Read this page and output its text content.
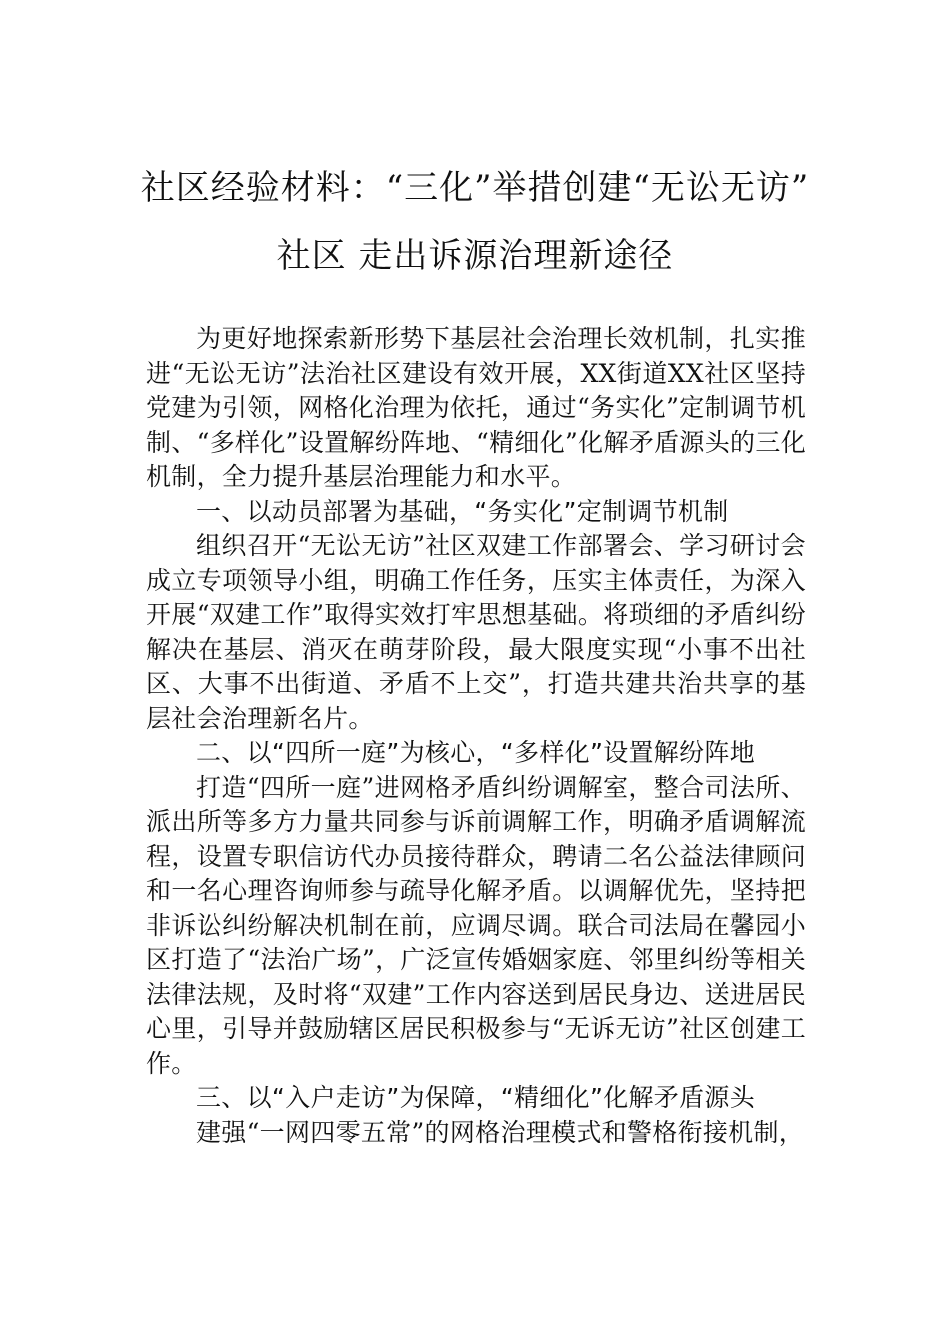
社区经验材料：“三化”举措创建“无讼无访”
社区 走出诉源治理新途径

为更好地探索新形势下基层社会治理长效机制，扎实推进“无讼无访”法治社区建设有效开展，XX街道XX社区坚持党建为引领，网格化治理为依托，通过“务实化”定制调节机制、“多样化”设置解纷阵地、“精细化”化解矛盾源头的三化机制，全力提升基层治理能力和水平。

一、以动员部署为基础，“务实化”定制调节机制

组织召开“无讼无访”社区双建工作部署会、学习研讨会成立专项领导小组，明确工作任务，压实主体责任，为深入开展“双建工作”取得实效打牢思想基础。将琐细的矛盾纠纷解决在基层、消灭在萌芽阶段，最大限度实现“小事不出社区、大事不出街道、矛盾不上交”，打造共建共治共享的基层社会治理新名片。

二、以“四所一庭”为核心，“多样化”设置解纷阵地

打造“四所一庭”进网格矛盾纠纷调解室，整合司法所、派出所等多方力量共同参与诉前调解工作，明确矛盾调解流程，设置专职信访代办员接待群众，聘请二名公益法律顾问和一名心理咨询师参与疏导化解矛盾。以调解优先，坚持把非诉讼纠纷解决机制在前，应调尽调。联合司法局在馨园小区打造了“法治广场”，广泛宣传婚姻家庭、邻里纠纷等相关法律法规，及时将“双建”工作内容送到居民身边、送进居民心里，引导并鼓励辖区居民积极参与“无诉无访”社区创建工作。

三、以“入户走访”为保障，“精细化”化解矛盾源头

建强“一网四零五常”的网格治理模式和警格衔接机制，
